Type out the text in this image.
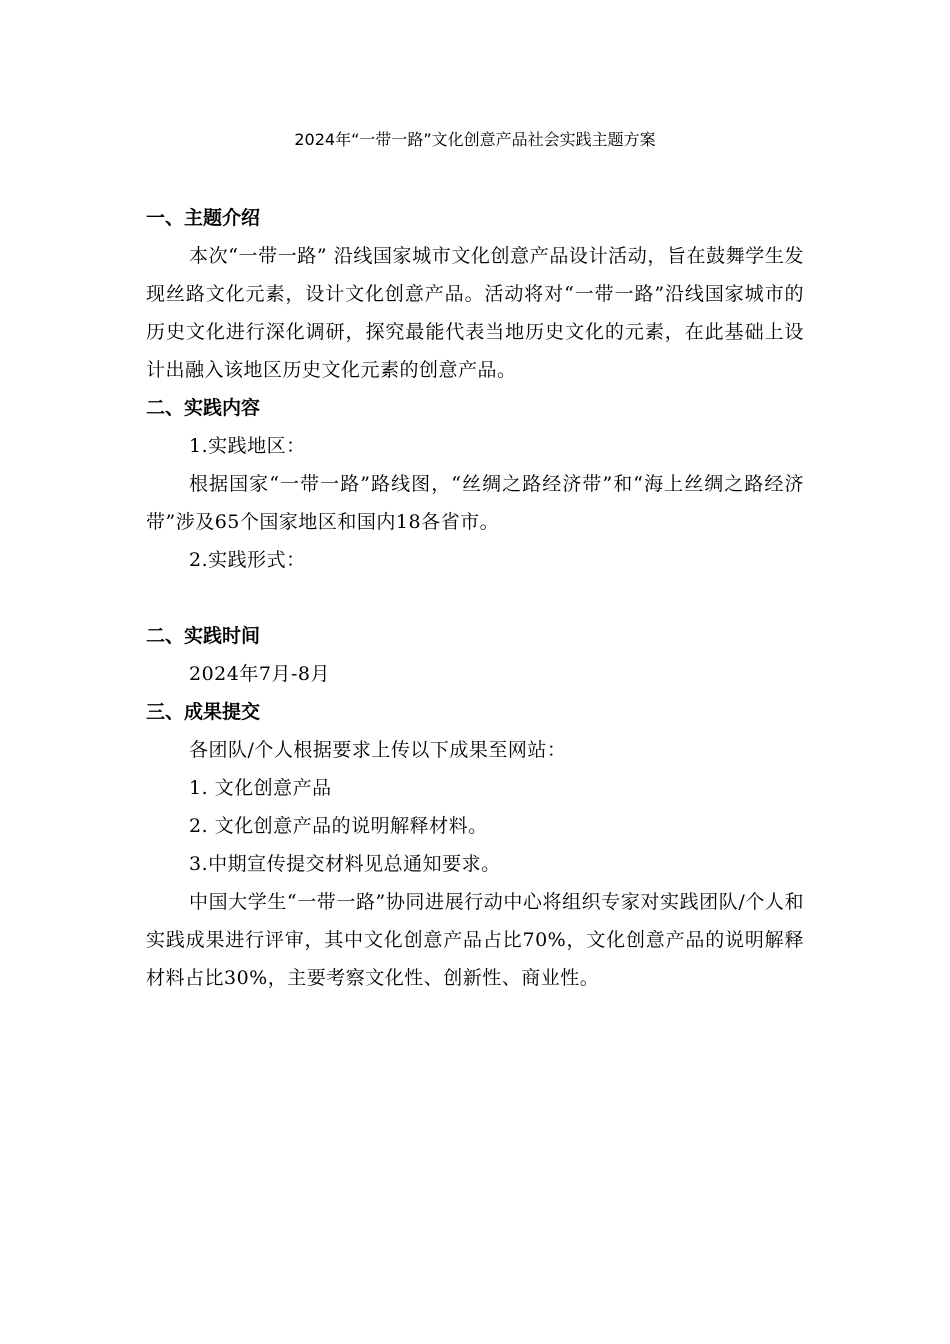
2024年“一带一路”文化创意产品社会实践主题方案
一、主题介绍
本次“一带一路” 沿线国家城市文化创意产品设计活动，旨在鼓舞学生发现丝路文化元素，设计文化创意产品。活动将对“一带一路”沿线国家城市的历史文化进行深化调研，探究最能代表当地历史文化的元素，在此基础上设计出融入该地区历史文化元素的创意产品。
二、实践内容
1.实践地区：
根据国家“一带一路”路线图，“丝绸之路经济带”和“海上丝绸之路经济带”涉及65个国家地区和国内18各省市。
2.实践形式：
二、实践时间
2024年7月-8月
三、成果提交
各团队/个人根据要求上传以下成果至网站：
1. 文化创意产品
2. 文化创意产品的说明解释材料。
3.中期宣传提交材料见总通知要求。
中国大学生“一带一路”协同进展行动中心将组织专家对实践团队/个人和实践成果进行评审，其中文化创意产品占比70%，文化创意产品的说明解释材料占比30%，主要考察文化性、创新性、商业性。
